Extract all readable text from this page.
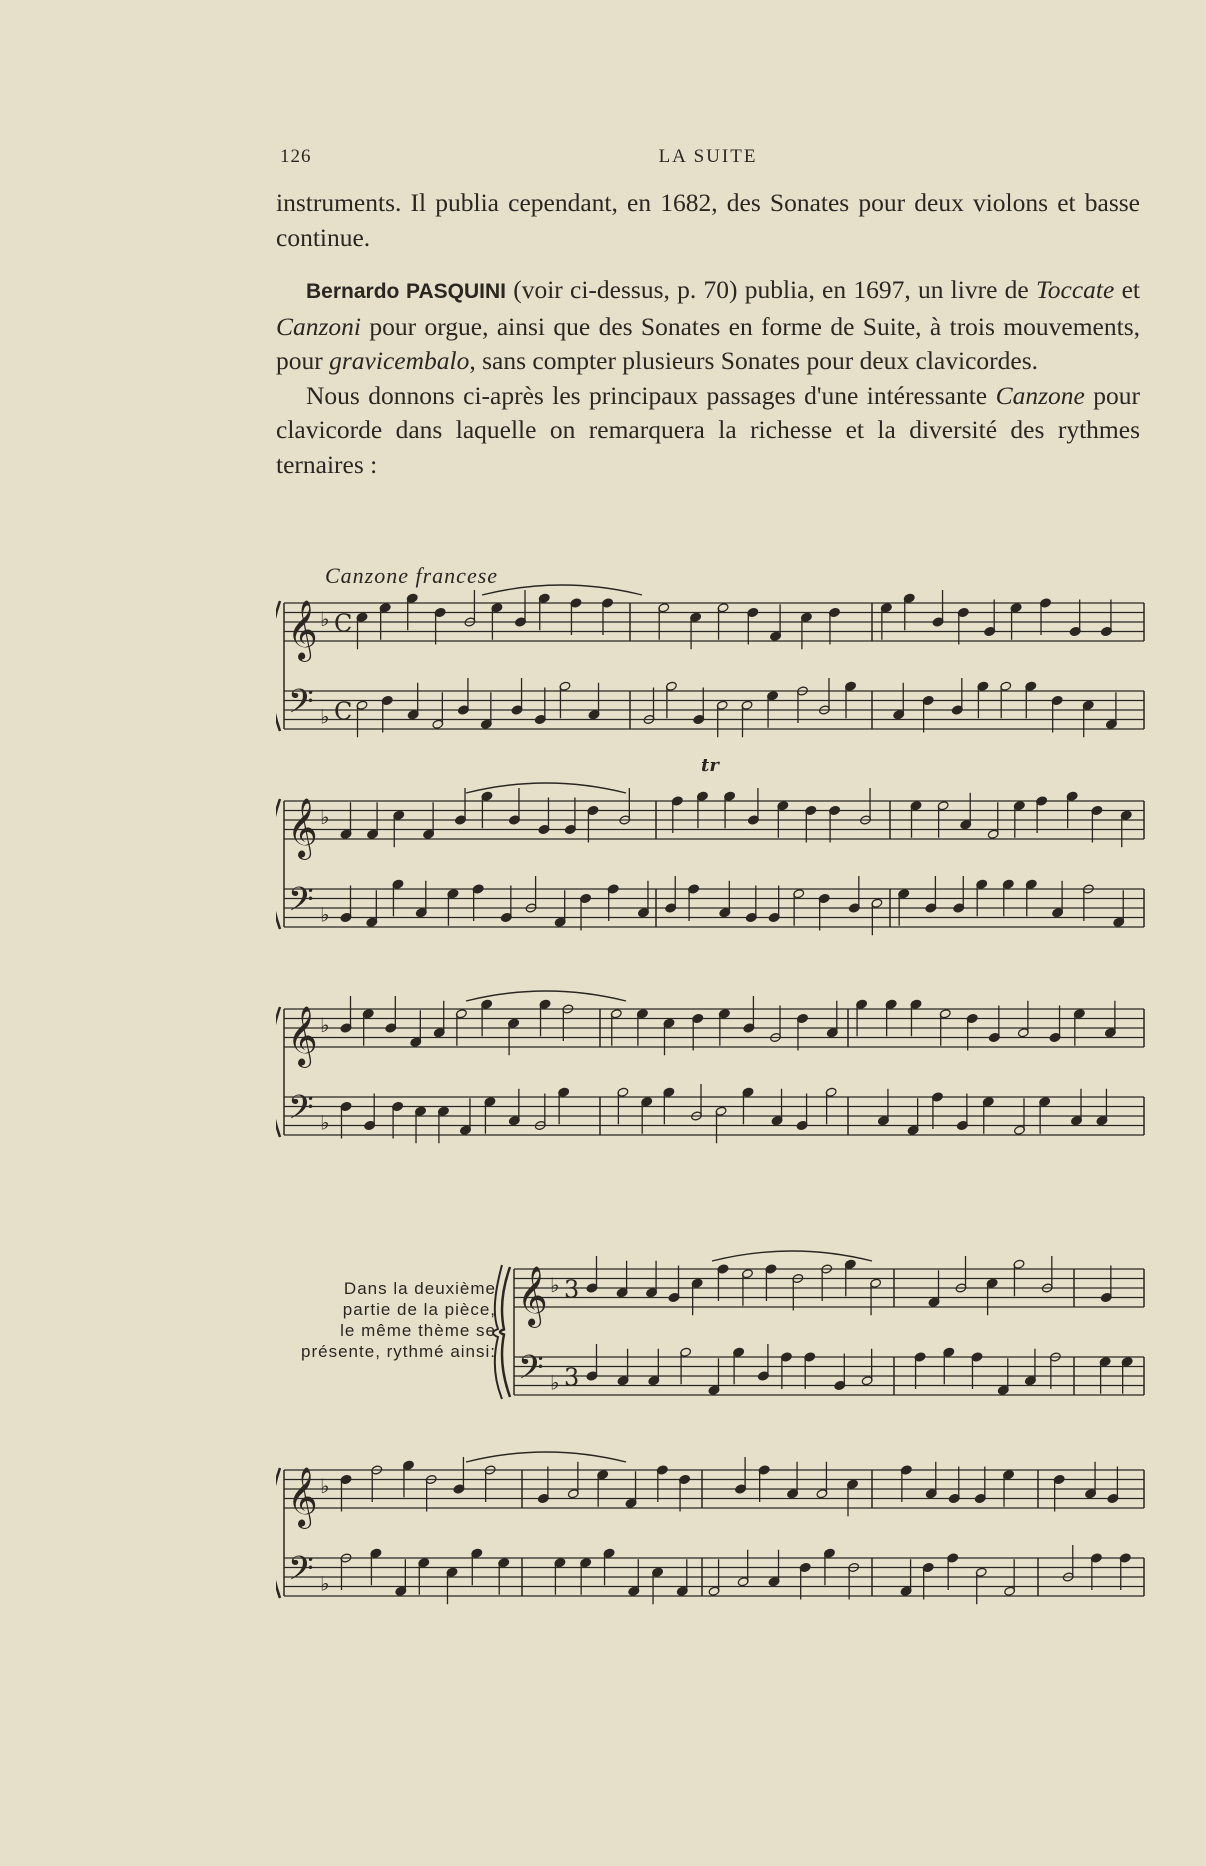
126	LA SUITE

instruments. Il publia cependant, en 1682, des Sonates pour deux violons et basse continue.

Bernardo PASQUINI (voir ci-dessus, p. 70) publia, en 1697, un livre de Toccate et Canzoni pour orgue, ainsi que des Sonates en forme de Suite, à trois mouvements, pour gravicembalo, sans compter plusieurs Sonates pour deux clavicordes.

Nous donnons ci-après les principaux passages d'une intéressante Canzone pour clavicorde dans laquelle on remarquera la richesse et la diversité des rythmes ternaires :

Canzone francese
𝄞
𝄢
♭
♭
C
C
𝄞
𝄢
♭
♭
𝄞
𝄢
♭
♭
𝄞
𝄢
♭
♭
3
3
𝄞
𝄢
♭
♭
tr
Dans la deuxième
partie de la pièce,
le même thème se
présente, rythmé ainsi:
